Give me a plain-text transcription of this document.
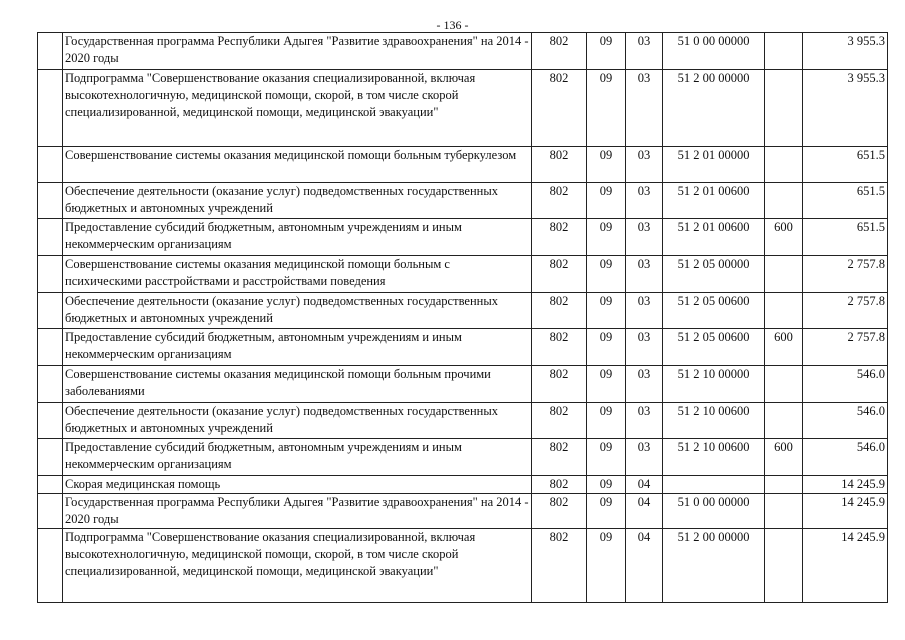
- 136 -
	Государственная программа Республики Адыгея "Развитие здравоохранения" на 2014 - 2020 годы	802	09	03	51 0 00 00000		3 955.3
	Подпрограмма "Совершенствование оказания специализированной, включая высокотехнологичную, медицинской помощи, скорой, в том числе скорой специализированной, медицинской помощи, медицинской эвакуации"	802	09	03	51 2 00 00000		3 955.3
	Совершенствование системы оказания медицинской помощи больным туберкулезом	802	09	03	51 2 01 00000		651.5
	Обеспечение деятельности (оказание услуг) подведомственных государственных бюджетных и автономных учреждений	802	09	03	51 2 01 00600		651.5
	Предоставление субсидий бюджетным, автономным учреждениям и иным некоммерческим организациям	802	09	03	51 2 01 00600	600	651.5
	Совершенствование системы оказания медицинской помощи больным с психическими расстройствами и расстройствами поведения	802	09	03	51 2 05 00000		2 757.8
	Обеспечение деятельности (оказание услуг) подведомственных государственных бюджетных и автономных учреждений	802	09	03	51 2 05 00600		2 757.8
	Предоставление субсидий бюджетным, автономным учреждениям и иным некоммерческим организациям	802	09	03	51 2 05 00600	600	2 757.8
	Совершенствование системы оказания медицинской помощи больным прочими заболеваниями	802	09	03	51 2 10 00000		546.0
	Обеспечение деятельности (оказание услуг) подведомственных государственных бюджетных и автономных учреждений	802	09	03	51 2 10 00600		546.0
	Предоставление субсидий бюджетным, автономным учреждениям и иным некоммерческим организациям	802	09	03	51 2 10 00600	600	546.0
	Скорая медицинская помощь	802	09	04			14 245.9
	Государственная программа Республики Адыгея "Развитие здравоохранения" на 2014 - 2020 годы	802	09	04	51 0 00 00000		14 245.9
	Подпрограмма "Совершенствование оказания специализированной, включая высокотехнологичную, медицинской помощи, скорой, в том числе скорой специализированной, медицинской помощи, медицинской эвакуации"	802	09	04	51 2 00 00000		14 245.9
